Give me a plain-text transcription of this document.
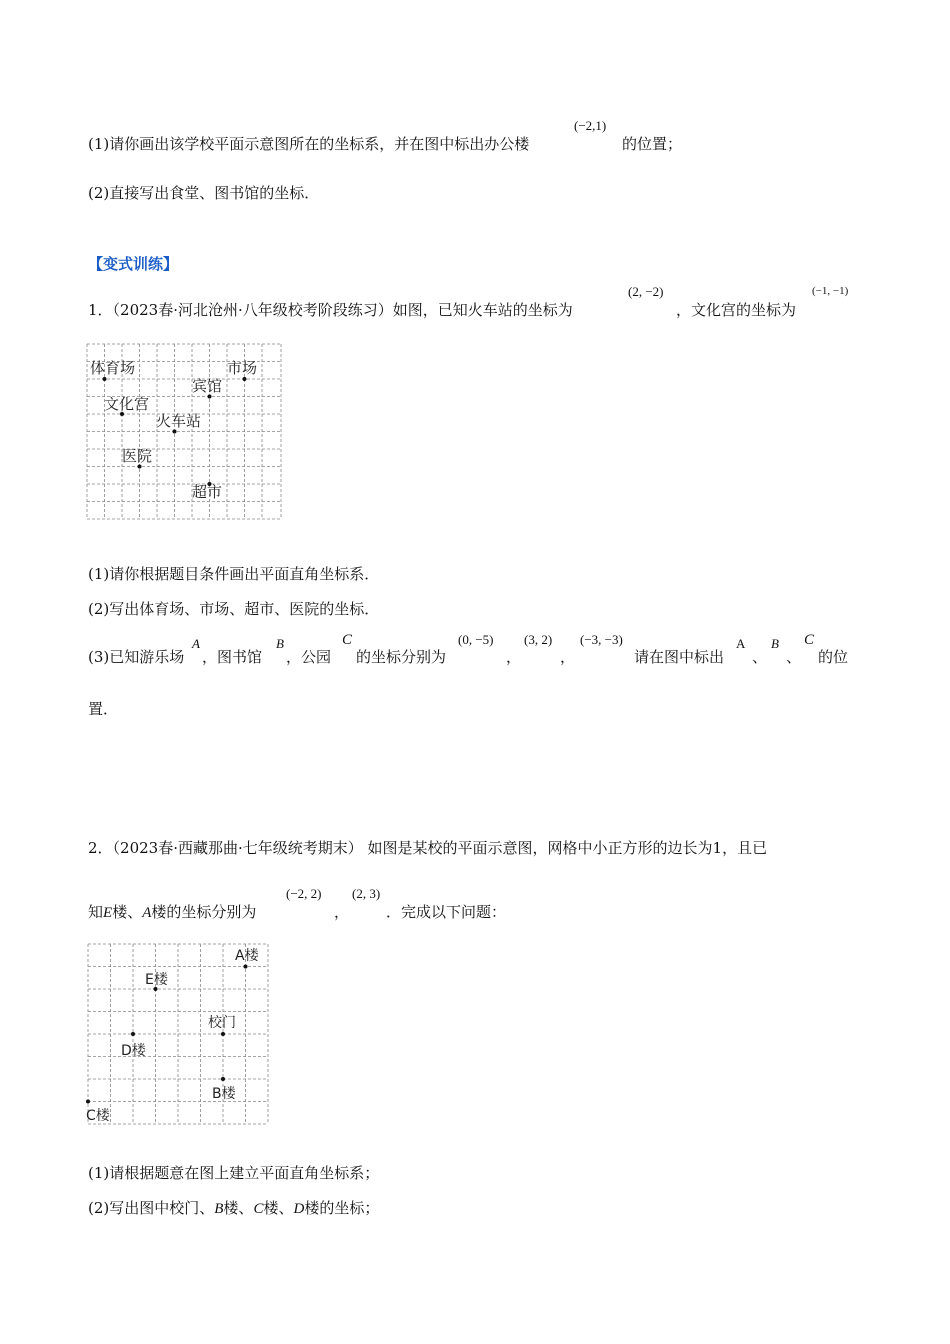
(1)请你画出该学校平面示意图所在的坐标系，并在图中标出办公楼
(−2,1)
的位置；
(2)直接写出食堂、图书馆的坐标．
【变式训练】
1．（2023春·河北沧州·八年级校考阶段练习）如图，已知火车站的坐标为
(2, −2)
，文化宫的坐标为
(−1, −1)
体育场	市场
宾馆
文化宫
火车站
医院
超市
(1)请你根据题目条件画出平面直角坐标系．
(2)写出体育场、市场、超市、医院的坐标．
(3)已知游乐场
A
，图书馆
B
，公园
C
的坐标分别为
(0, −5)
，
(3, 2)
，
(−3, −3)
请在图中标出
A
、
B
、
C
的位
置．
2．（2023春·西藏那曲·七年级统考期末） 如图是某校的平面示意图，网格中小正方形的边长为1，且已
知E楼、A楼的坐标分别为
(−2, 2)
，
(2, 3)
．完成以下问题：
A楼
E楼
校门
D楼
B楼
C楼
(1)请根据题意在图上建立平面直角坐标系；
(2)写出图中校门、B楼、C楼、D楼的坐标；
